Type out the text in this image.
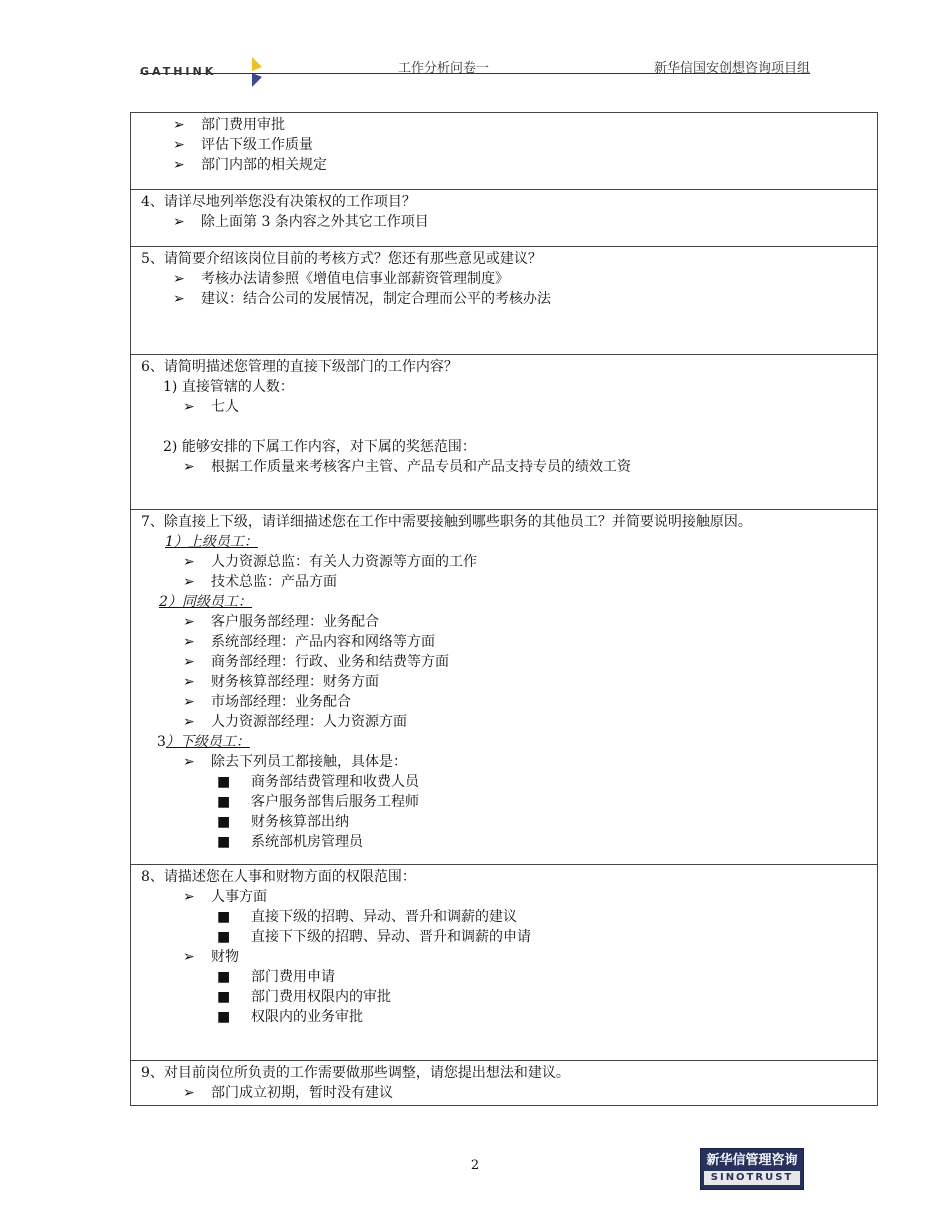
GATHINK	工作分析问卷一	新华信国安创想咨询项目组
➢ 部门费用审批
➢ 评估下级工作质量
➢ 部门内部的相关规定

4、请详尽地列举您没有决策权的工作项目？
➢ 除上面第 3 条内容之外其它工作项目

5、请简要介绍该岗位目前的考核方式？您还有那些意见或建议？
➢ 考核办法请参照《增值电信事业部薪资管理制度》
➢ 建议：结合公司的发展情况，制定合理而公平的考核办法

6、请简明描述您管理的直接下级部门的工作内容？
1) 直接管辖的人数：
➢ 七人
2) 能够安排的下属工作内容，对下属的奖惩范围：
➢ 根据工作质量来考核客户主管、产品专员和产品支持专员的绩效工资

7、除直接上下级，请详细描述您在工作中需要接触到哪些职务的其他员工？并简要说明接触原因。
1）上级员工：
➢ 人力资源总监：有关人力资源等方面的工作
➢ 技术总监：产品方面
2）同级员工：
➢ 客户服务部经理：业务配合
➢ 系统部经理：产品内容和网络等方面
➢ 商务部经理：行政、业务和结费等方面
➢ 财务核算部经理：财务方面
➢ 市场部经理：业务配合
➢ 人力资源部经理：人力资源方面
3）下级员工：
➢ 除去下列员工都接触，具体是：
■ 商务部结费管理和收费人员
■ 客户服务部售后服务工程师
■ 财务核算部出纳
■ 系统部机房管理员

8、请描述您在人事和财物方面的权限范围：
➢ 人事方面
■ 直接下级的招聘、异动、晋升和调薪的建议
■ 直接下下级的招聘、异动、晋升和调薪的申请
➢ 财物
■ 部门费用申请
■ 部门费用权限内的审批
■ 权限内的业务审批

9、对目前岗位所负责的工作需要做那些调整，请您提出想法和建议。
➢ 部门成立初期，暂时没有建议
2	新华信管理咨询
SINOTRUST
